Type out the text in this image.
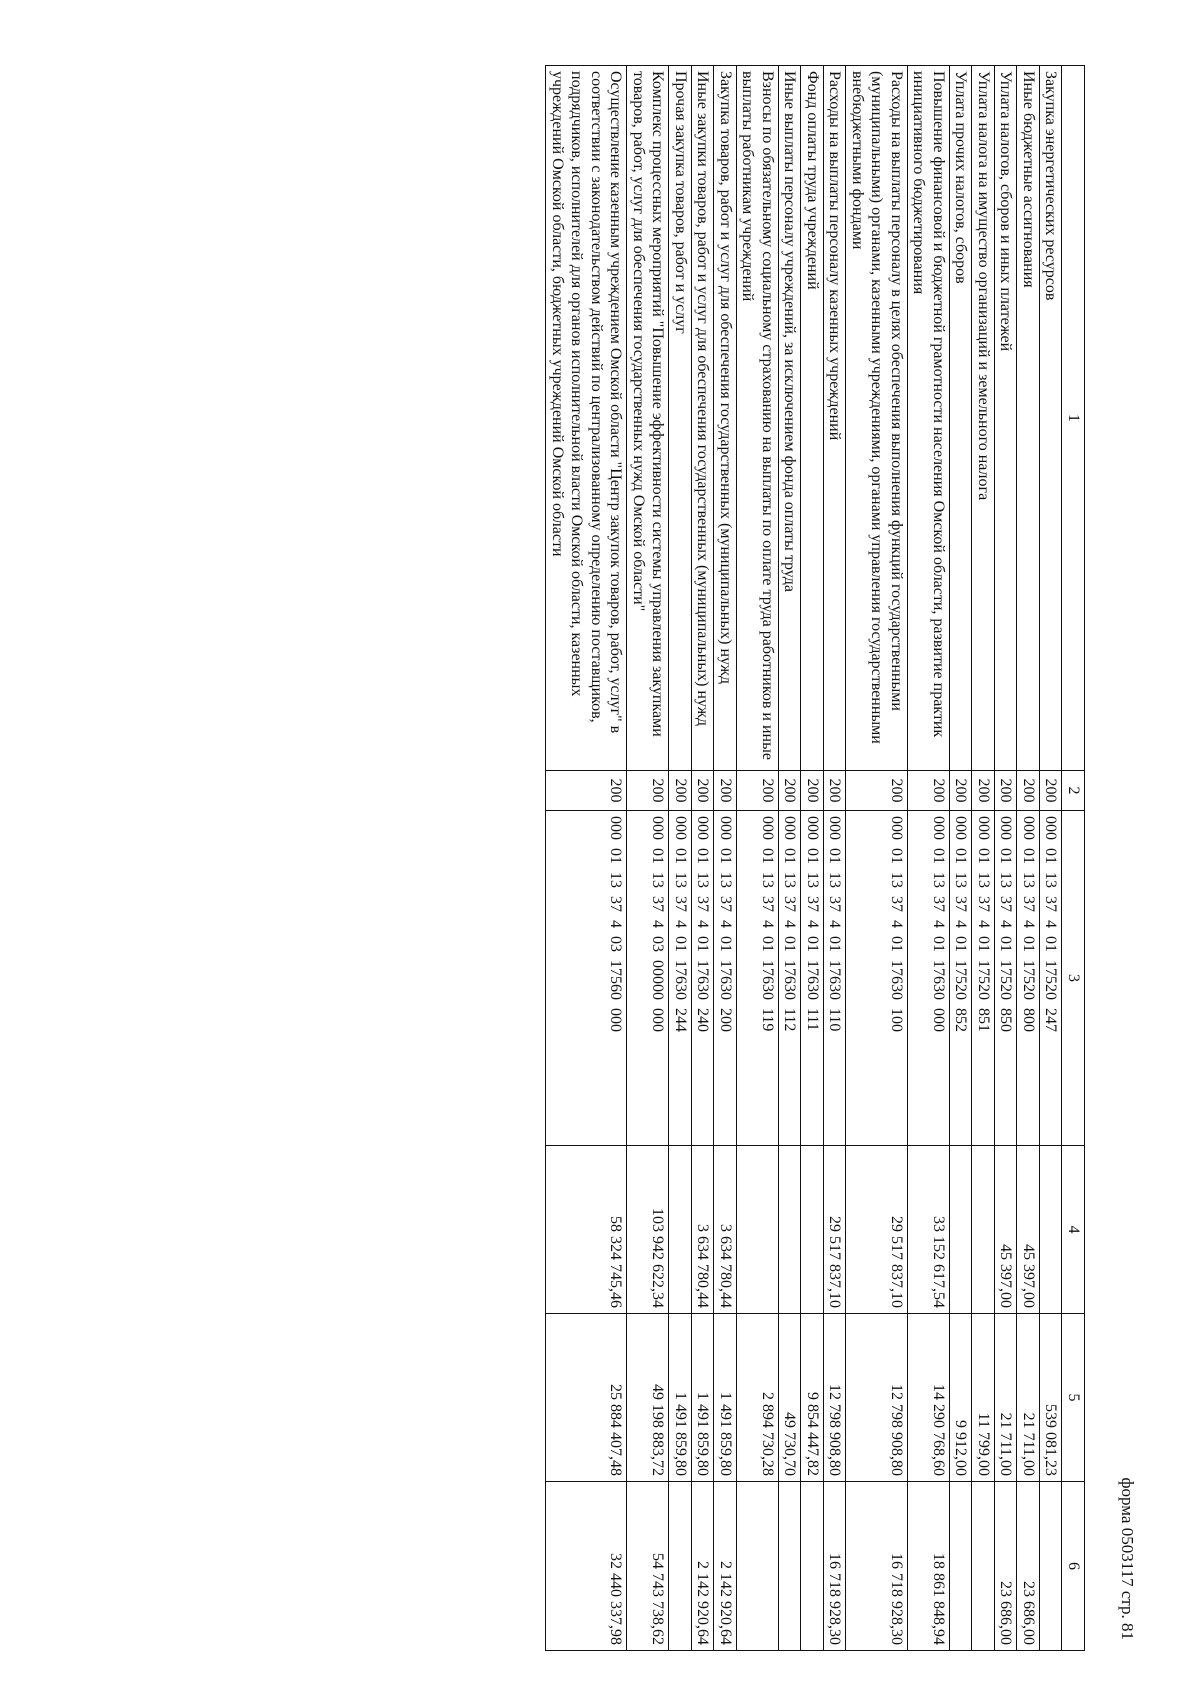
форма 0503117 стр. 81
1	2	3	4	5	6
Закупка энергетических ресурсов	200	000  01  13  37  4  01  17520  247		539 081,23	
Иные бюджетные ассигнования	200	000  01  13  37  4  01  17520  800	45 397,00	21 711,00	23 686,00
Уплата налогов, сборов и иных платежей	200	000  01  13  37  4  01  17520  850	45 397,00	21 711,00	23 686,00
Уплата налога на имущество организаций и земельного налога	200	000  01  13  37  4  01  17520  851		11 799,00	
Уплата прочих налогов, сборов	200	000  01  13  37  4  01  17520  852		9 912,00	
Повышение финансовой и бюджетной грамотности населения Омской области, развитие практик инициативного бюджетирования	200	000  01  13  37  4  01  17630  000	33 152 617,54	14 290 768,60	18 861 848,94
Расходы на выплаты персоналу в целях обеспечения выполнения функций государственными (муниципальными) органами, казенными учреждениями, органами управления государственными внебюджетными фондами	200	000  01  13  37  4  01  17630  100	29 517 837,10	12 798 908,80	16 718 928,30
Расходы на выплаты персоналу казенных учреждений	200	000  01  13  37  4  01  17630  110	29 517 837,10	12 798 908,80	16 718 928,30
Фонд оплаты труда учреждений	200	000  01  13  37  4  01  17630  111		9 854 447,82	
Иные выплаты персоналу учреждений, за исключением фонда оплаты труда	200	000  01  13  37  4  01  17630  112		49 730,70	
Взносы по обязательному социальному страхованию на выплаты по оплате труда работников и иные выплаты работникам учреждений	200	000  01  13  37  4  01  17630  119		2 894 730,28	
Закупка товаров, работ и услуг для обеспечения государственных (муниципальных) нужд	200	000  01  13  37  4  01  17630  200	3 634 780,44	1 491 859,80	2 142 920,64
Иные закупки товаров, работ и услуг для обеспечения государственных (муниципальных) нужд	200	000  01  13  37  4  01  17630  240	3 634 780,44	1 491 859,80	2 142 920,64
Прочая закупка товаров, работ и услуг	200	000  01  13  37  4  01  17630  244		1 491 859,80	
Комплекс процессных мероприятий "Повышение эффективности системы управления закупками товаров, работ, услуг для обеспечения государственных нужд Омской области"	200	000  01  13  37  4  03  00000  000	103 942 622,34	49 198 883,72	54 743 738,62
Осуществление казенным учреждением Омской области "Центр закупок товаров, работ, услуг" в соответствии с законодательством действий по централизованному определению поставщиков, подрядчиков, исполнителей для органов исполнительной власти Омской области, казенных учреждений Омской области, бюджетных учреждений Омской области	200	000  01  13  37  4  03  17560  000	58 324 745,46	25 884 407,48	32 440 337,98
